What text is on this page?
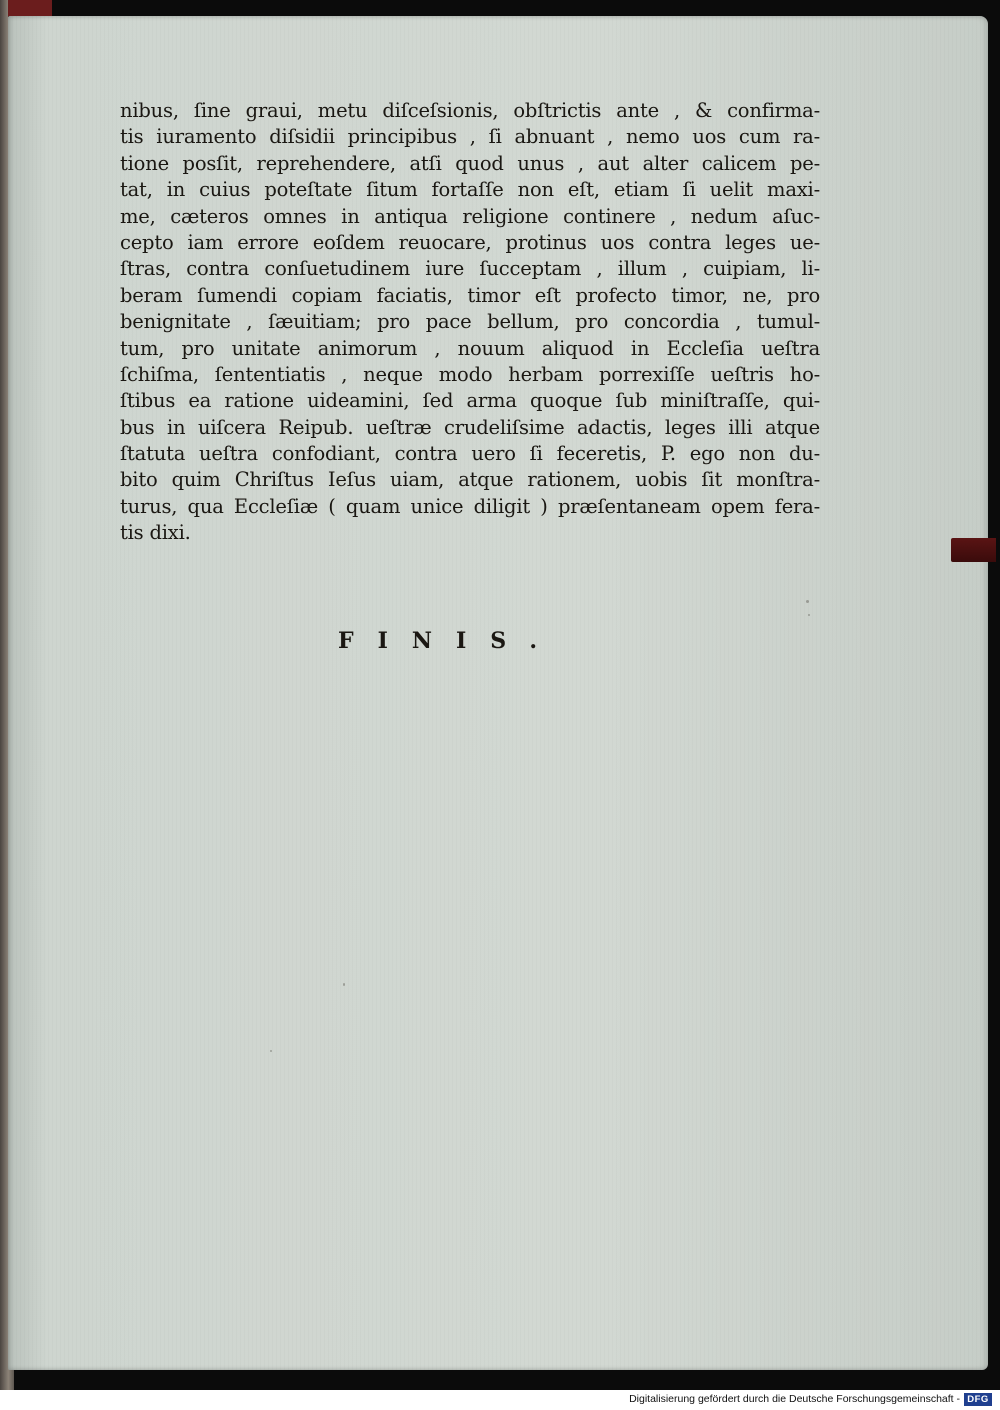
nibus, ſine graui, metu diſceſsionis, obſtrictis ante , & confirma-
tis iuramento diſsidii principibus , ſi abnuant , nemo uos cum ra-
tione posſit, reprehendere, atſi quod unus , aut alter calicem pe-
tat, in cuius poteſtate ſitum fortaſſe non eſt, etiam ſi uelit maxi-
me, cæteros omnes in antiqua religione continere , nedum aſuc-
cepto iam errore eoſdem reuocare, protinus uos contra leges ue-
ſtras, contra conſuetudinem iure ſucceptam , illum , cuipiam, li-
beram ſumendi copiam faciatis, timor eſt profecto timor, ne, pro
benignitate , ſæuitiam; pro pace bellum, pro concordia , tumul-
tum, pro unitate animorum , nouum aliquod in Eccleſia ueſtra
ſchiſma, ſententiatis , neque modo herbam porrexiſſe ueſtris ho-
ſtibus ea ratione uideamini, ſed arma quoque ſub miniſtraſſe, qui-
bus in uiſcera Reipub. ueſtræ crudeliſsime adactis, leges illi atque
ſtatuta ueſtra confodiant, contra uero ſi feceretis, P. ego non du-
bito quim Chriſtus Ieſus uiam, atque rationem, uobis ſit monſtra-
turus, qua Eccleſiæ ( quam unice diligit ) præſentaneam opem fera-
tis dixi.

FINIS.

Digitalisierung gefördert durch die Deutsche Forschungsgemeinschaft - DFG
